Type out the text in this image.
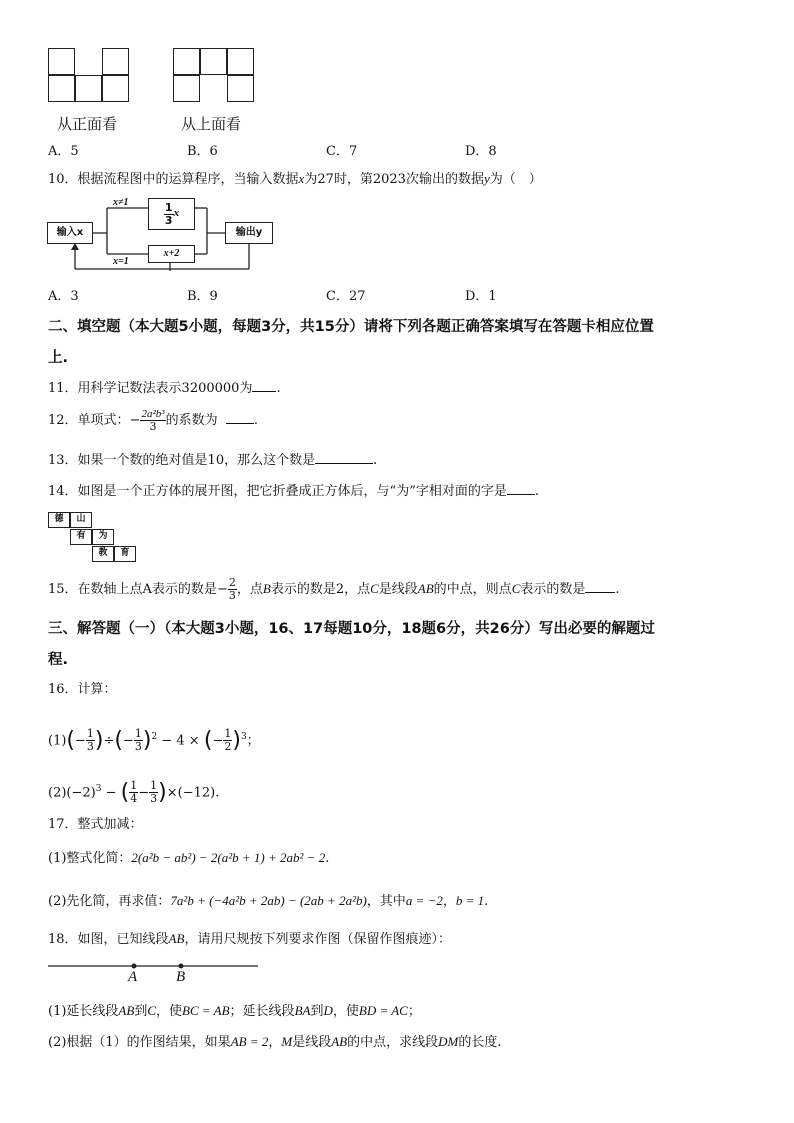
从正面看	从上面看
A．5	B．6	C．7	D．8
10．根据流程图中的运算程序，当输入数据x为27时，第2023次输出的数据y为（　）
输入x
$\frac{1}{3}$ x
x+2
输出y
x≠1
x=1
A．3	B．9	C．27	D．1
二、填空题（本大题5小题，每题3分，共15分）请将下列各题正确答案填写在答题卡相应位置
上.
11．用科学记数法表示3200000为 .
12．单项式：− $\frac{\text{2a²b³}}{3}$ 的系数为	.
13．如果一个数的绝对值是10，那么这个数是	.
14．如图是一个正方体的展开图，把它折叠成正方体后，与“为”字相对面的字是 .
德	山
有	为
教	育
15．在数轴上点A表示的数是− $\frac{2}{3}$ ，点B表示的数是2，点C是线段AB的中点，则点C表示的数是 .
三、解答题（一）（本大题3小题，16、17每题10分，18题6分，共26分）写出必要的解题过
程.
16．计算：
$(1)(- \frac{1}{3}$ )÷(− $\frac{1}{3} )^2 - 4$ × (− $\frac{1}{2} )^3$；
$(2)(-2)^3$ − ( $\frac{1}{4} - \frac{1}{3} )\times(-12)$.
17．整式加减：
(1)整式化简：2(a²b − ab²) − 2(a²b + 1) + 2ab² − 2.
(2)先化简，再求值：7a²b + (−4a²b + 2ab) − (2ab + 2a²b)，其中a = −2，b = 1.
18．如图，已知线段AB，请用尺规按下列要求作图（保留作图痕迹）：
A	B
(1)延长线段AB到C，使BC = AB；延长线段BA到D，使BD = AC；
(2)根据（1）的作图结果，如果AB = 2，M是线段AB的中点，求线段DM的长度.
